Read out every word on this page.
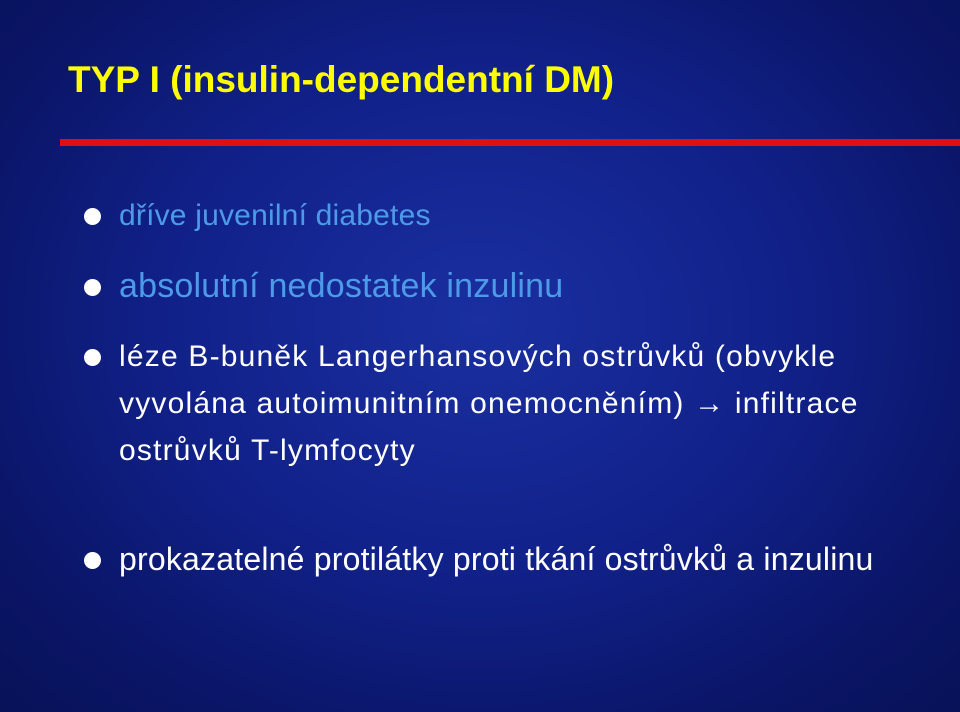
TYP I (insulin-dependentní DM)

dříve juvenilní diabetes

absolutní nedostatek inzulinu

léze B-buněk Langerhansových ostrůvků (obvykle vyvolána autoimunitním onemocněním) → infiltrace ostrůvků T-lymfocyty

prokazatelné protilátky proti tkání ostrůvků a inzulinu
